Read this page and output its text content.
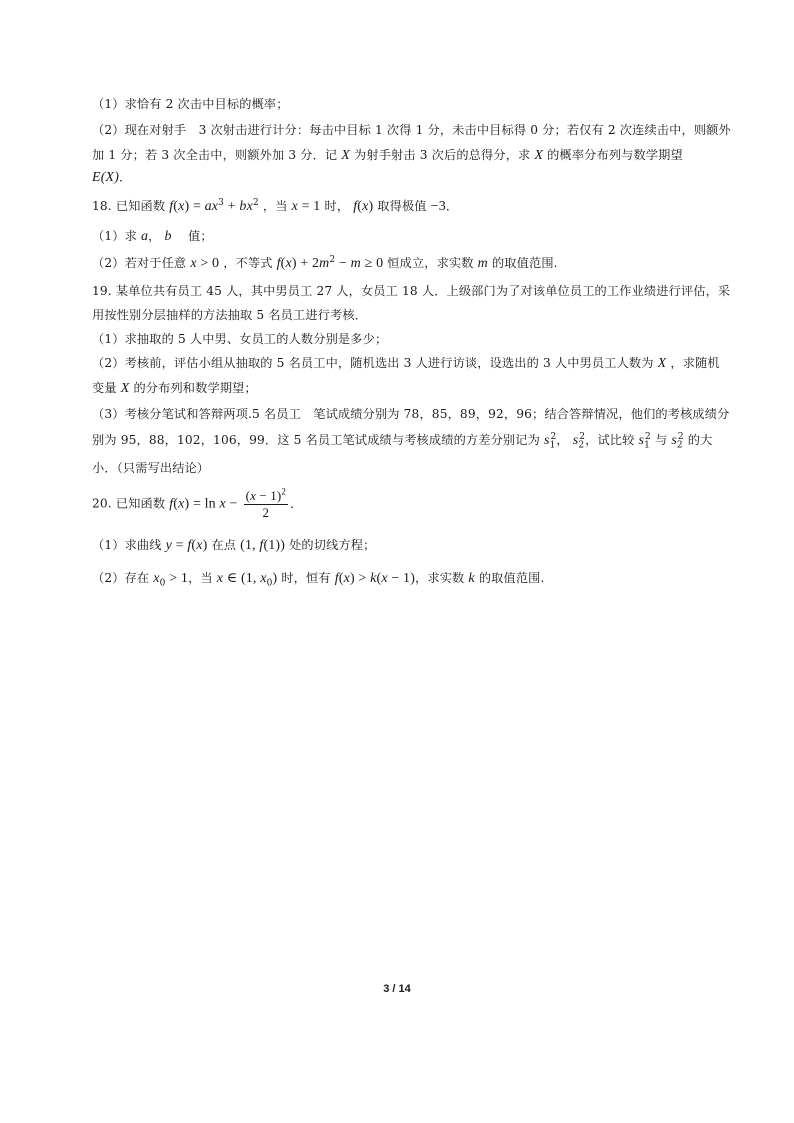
（1）求恰有 2 次击中目标的概率；
（2）现在对射手　3 次射击进行计分：每击中目标 1 次得 1 分，未击中目标得 0 分；若仅有 2 次连续击中，则额外
加 1 分；若 3 次全击中，则额外加 3 分．记 X 为射手射击 3 次后的总得分，求 X 的概率分布列与数学期望
E(X)．
18. 已知函数 $f(x) = ax^3 + bx^2$ ，当 x = 1 时， f(x) 取得极值 −3．
（1）求 a， b 　值；
（2）若对于任意 x > 0 ，不等式 $f(x) + 2m^2 - m \ge 0$ 恒成立，求实数 m 的取值范围.
19. 某单位共有员工 45 人，其中男员工 27 人，女员工 18 人．上级部门为了对该单位员工的工作业绩进行评估，采
用按性别分层抽样的方法抽取 5 名员工进行考核．
（1）求抽取的 5 人中男、女员工的人数分别是多少；
（2）考核前，评估小组从抽取的 5 名员工中，随机选出 3 人进行访谈，设选出的 3 人中男员工人数为 X ，求随机
变量 X 的分布列和数学期望；
（3）考核分笔试和答辩两项.5 名员工　笔试成绩分别为 78，85，89，92，96；结合答辩情况，他们的考核成绩分
别为 95，88，102，106，99．这 5 名员工笔试成绩与考核成绩的方差分别记为 $s_1^2$， $s_2^2$，试比较 $s_1^2$ 与 $s_2^2$ 的大
小．（只需写出结论）
20. 已知函数 $f(x) = \ln x - \frac{(x - 1)^2}{2}$ ．
（1）求曲线 y = f(x) 在点 (1, f(1)) 处的切线方程；
（2）存在 $x_0 > 1$，当 x ∈ (1, $x_0$) 时，恒有 f(x) > k(x − 1)，求实数 k 的取值范围.
3 / 14
